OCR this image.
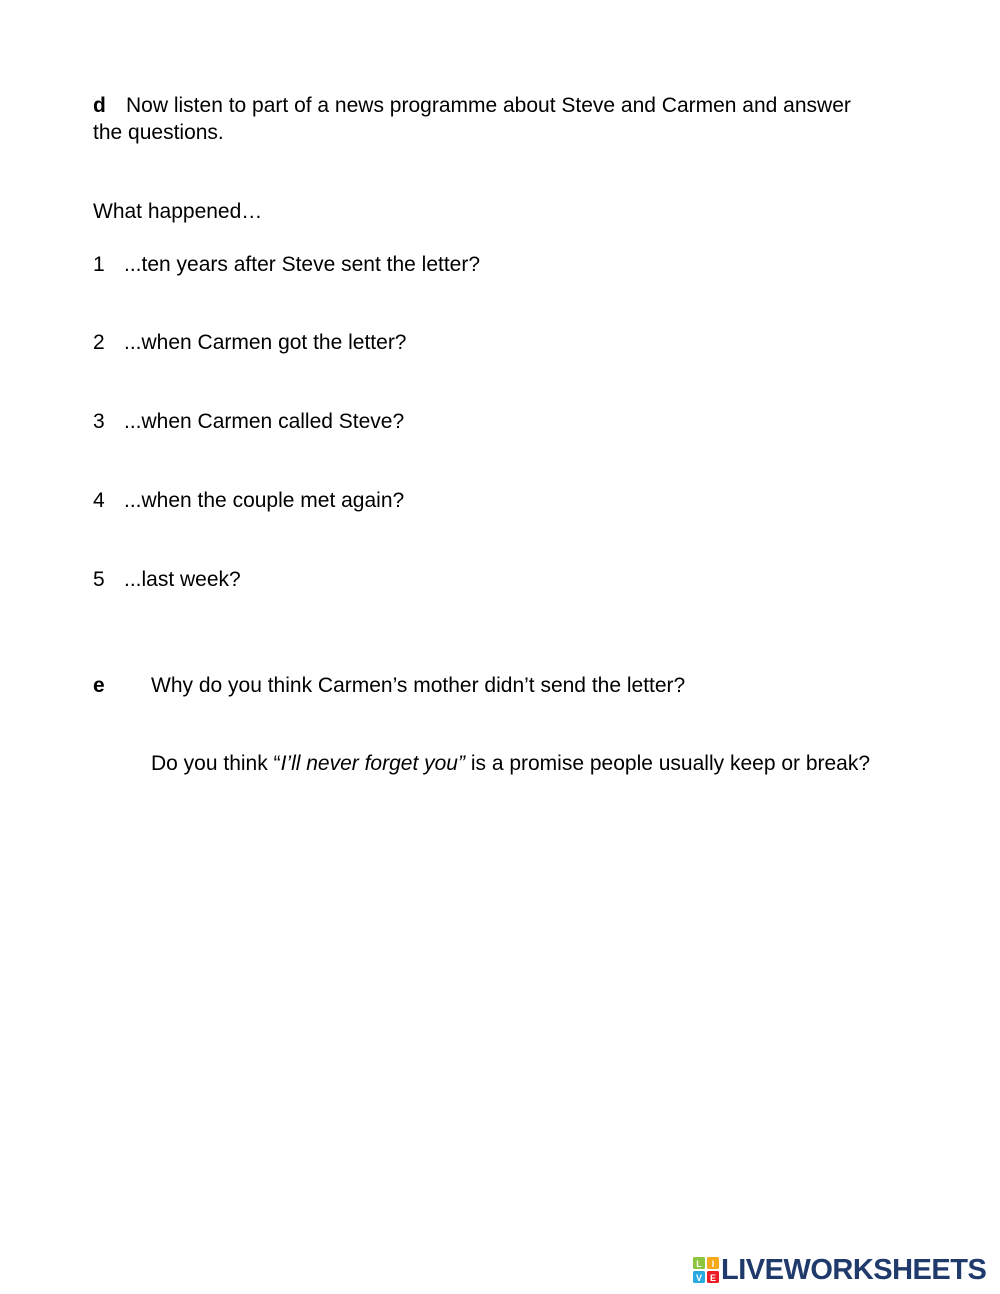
d Now listen to part of a news programme about Steve and Carmen and answer the questions.
What happened…
1 ...ten years after Steve sent the letter?
2 ...when Carmen got the letter?
3 ...when Carmen called Steve?
4 ...when the couple met again?
5 ...last week?
e Why do you think Carmen’s mother didn’t send the letter?
Do you think “I’ll never forget you” is a promise people usually keep or break?
L I
V E LIVEWORKSHEETS
